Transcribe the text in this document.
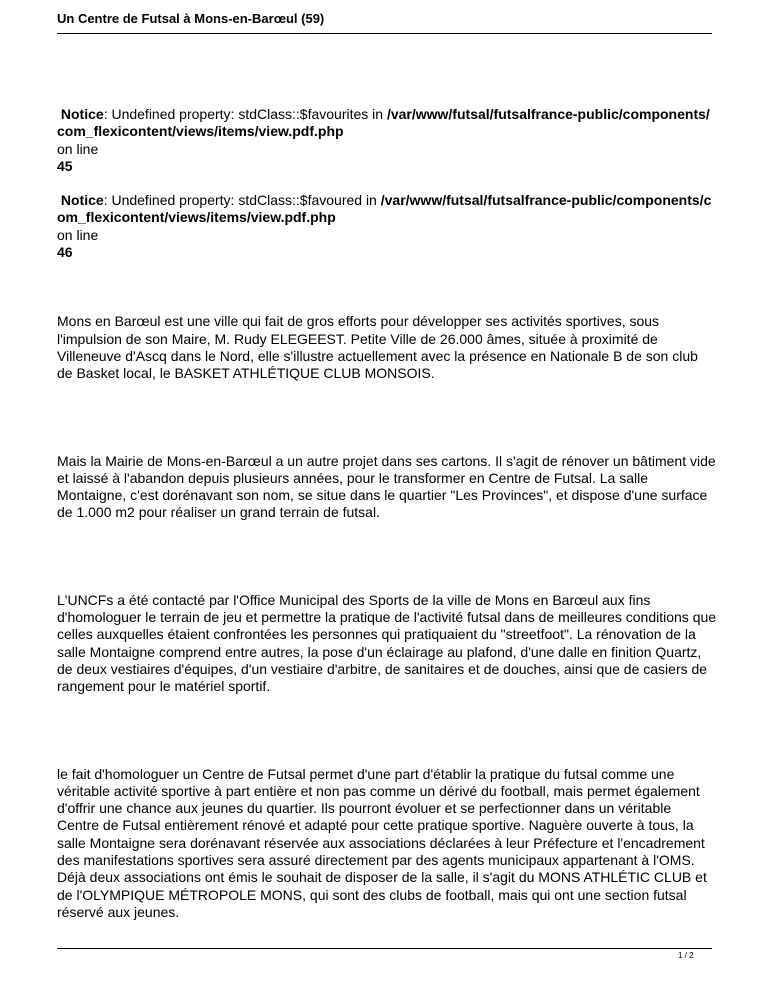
Un Centre de Futsal à Mons-en-Barœul (59)

Notice: Undefined property: stdClass::$favourites in /var/www/futsal/futsalfrance-public/components/com_flexicontent/views/items/view.pdf.php
on line
45

Notice: Undefined property: stdClass::$favoured in /var/www/futsal/futsalfrance-public/components/com_flexicontent/views/items/view.pdf.php
on line
46

Mons en Barœul est une ville qui fait de gros efforts pour développer ses activités sportives, sous l'impulsion de son Maire, M. Rudy ELEGEEST. Petite Ville de 26.000 âmes, située à proximité de Villeneuve d'Ascq dans le Nord, elle s'illustre actuellement avec la présence en Nationale B de son club de Basket local, le BASKET ATHLÉTIQUE CLUB MONSOIS.

Mais la Mairie de Mons-en-Barœul a un autre projet dans ses cartons. Il s'agit de rénover un bâtiment vide et laissé à l'abandon depuis plusieurs années, pour le transformer en Centre de Futsal. La salle Montaigne, c'est dorénavant son nom, se situe dans le quartier "Les Provinces", et dispose d'une surface de 1.000 m2 pour réaliser un grand terrain de futsal.

L'UNCFs a été contacté par l'Office Municipal des Sports de la ville de Mons en Barœul aux fins d'homologuer le terrain de jeu et permettre la pratique de l'activité futsal dans de meilleures conditions que celles auxquelles étaient confrontées les personnes qui pratiquaient du "streetfoot". La rénovation de la salle Montaigne comprend entre autres, la pose d'un éclairage au plafond, d'une dalle en finition Quartz, de deux vestiaires d'équipes, d'un vestiaire d'arbitre, de sanitaires et de douches, ainsi que de casiers de rangement pour le matériel sportif.

le fait d'homologuer un Centre de Futsal permet d'une part d'établir la pratique du futsal comme une véritable activité sportive à part entière et non pas comme un dérivé du football, mais permet également d'offrir une chance aux jeunes du quartier. Ils pourront évoluer et se perfectionner dans un véritable Centre de Futsal entièrement rénové et adapté pour cette pratique sportive. Naguère ouverte à tous, la salle Montaigne sera dorénavant réservée aux associations déclarées à leur Préfecture et l'encadrement des manifestations sportives sera assuré directement par des agents municipaux appartenant à l'OMS. Déjà deux associations ont émis le souhait de disposer de la salle, il s'agit du MONS ATHLÉTIC CLUB et de l'OLYMPIQUE MÉTROPOLE MONS, qui sont des clubs de football, mais qui ont une section futsal réservé aux jeunes.

1 / 2
